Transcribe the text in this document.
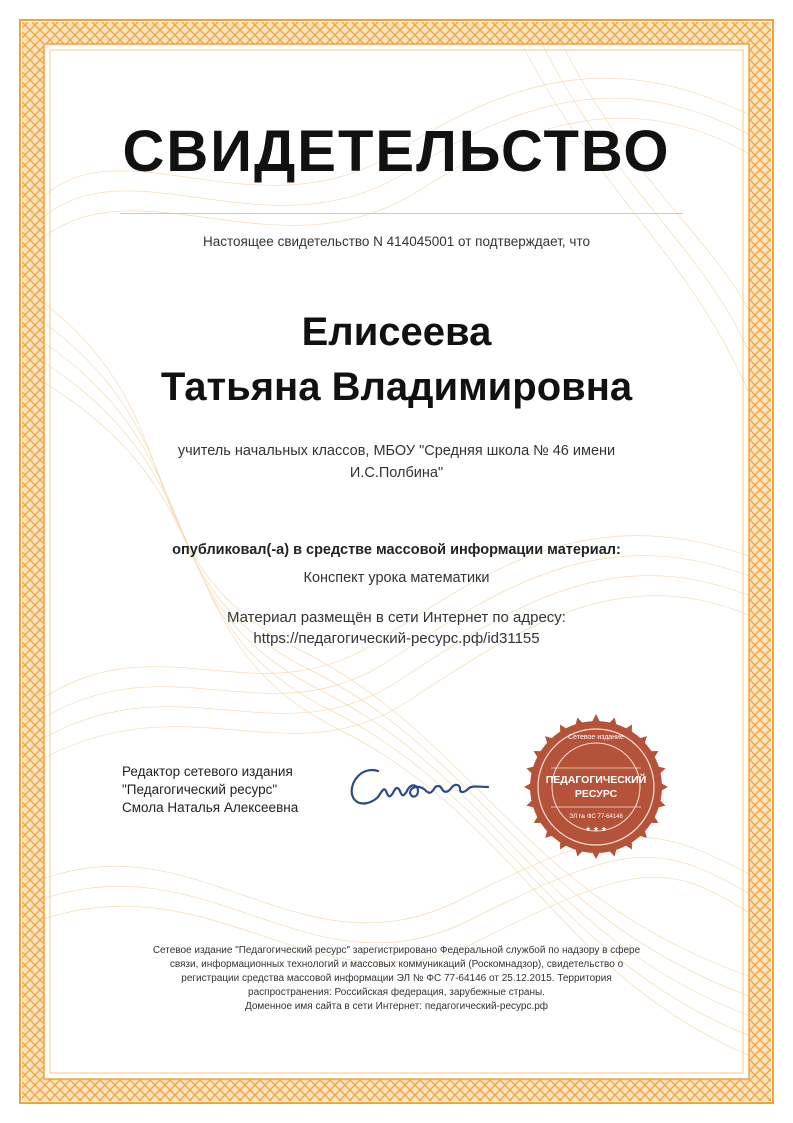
СВИДЕТЕЛЬСТВО
Настоящее свидетельство N 414045001 от подтверждает, что
Елисеева
Татьяна Владимировна
учитель начальных классов, МБОУ "Средняя школа № 46 имени И.С.Полбина"
опубликовал(-а) в средстве массовой информации материал:
Конспект урока математики
Материал размещён в сети Интернет по адресу:
https://педагогический-ресурс.рф/id31155
Редактор сетевого издания
"Педагогический ресурс"
Смола Наталья Алексеевна
Сетевое издание
ПЕДАГОГИЧЕСКИЙ
РЕСУРС
ЭЛ № ФС 77-64146
★ ★ ★
Сетевое издание "Педагогический ресурс" зарегистрировано Федеральной службой по надзору в сфере
связи, информационных технологий и массовых коммуникаций (Роскомнадзор), свидетельство о
регистрации средства массовой информации ЭЛ № ФС 77-64146 от 25.12.2015. Территория
распространения: Российская федерация, зарубежные страны.
Доменное имя сайта в сети Интернет: педагогический-ресурс.рф
